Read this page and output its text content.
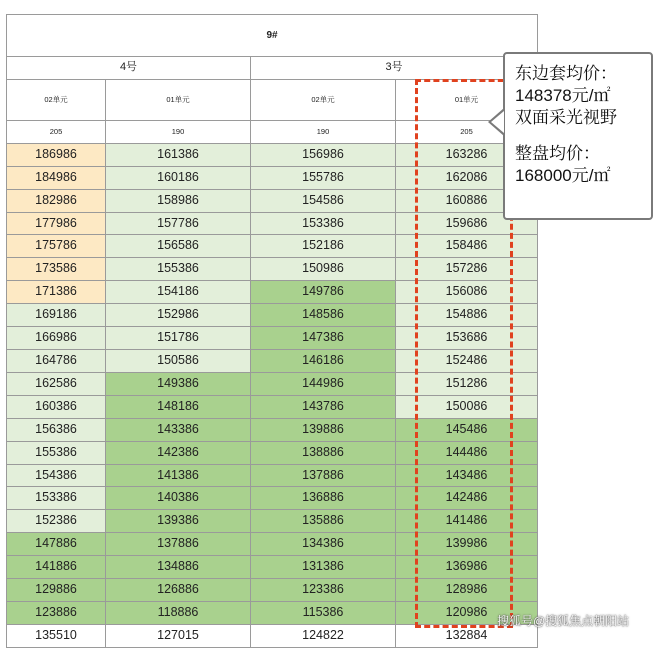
9#			
4号		3号	
02单元	01单元	02单元	01单元
205	190	190	205
186986	161386	156986	163286
184986	160186	155786	162086
182986	158986	154586	160886
177986	157786	153386	159686
175786	156586	152186	158486
173586	155386	150986	157286
171386	154186	149786	156086
169186	152986	148586	154886
166986	151786	147386	153686
164786	150586	146186	152486
162586	149386	144986	151286
160386	148186	143786	150086
156386	143386	139886	145486
155386	142386	138886	144486
154386	141386	137886	143486
153386	140386	136886	142486
152386	139386	135886	141486
147886	137886	134386	139986
141886	134886	131386	136986
129886	126886	123386	128986
123886	118886	115386	120986
135510	127015	124822	132884
东边套均价：
148378元/㎡
双面采光视野
整盘均价：
168000元/㎡
搜狐号@搜狐焦点朝阳站
